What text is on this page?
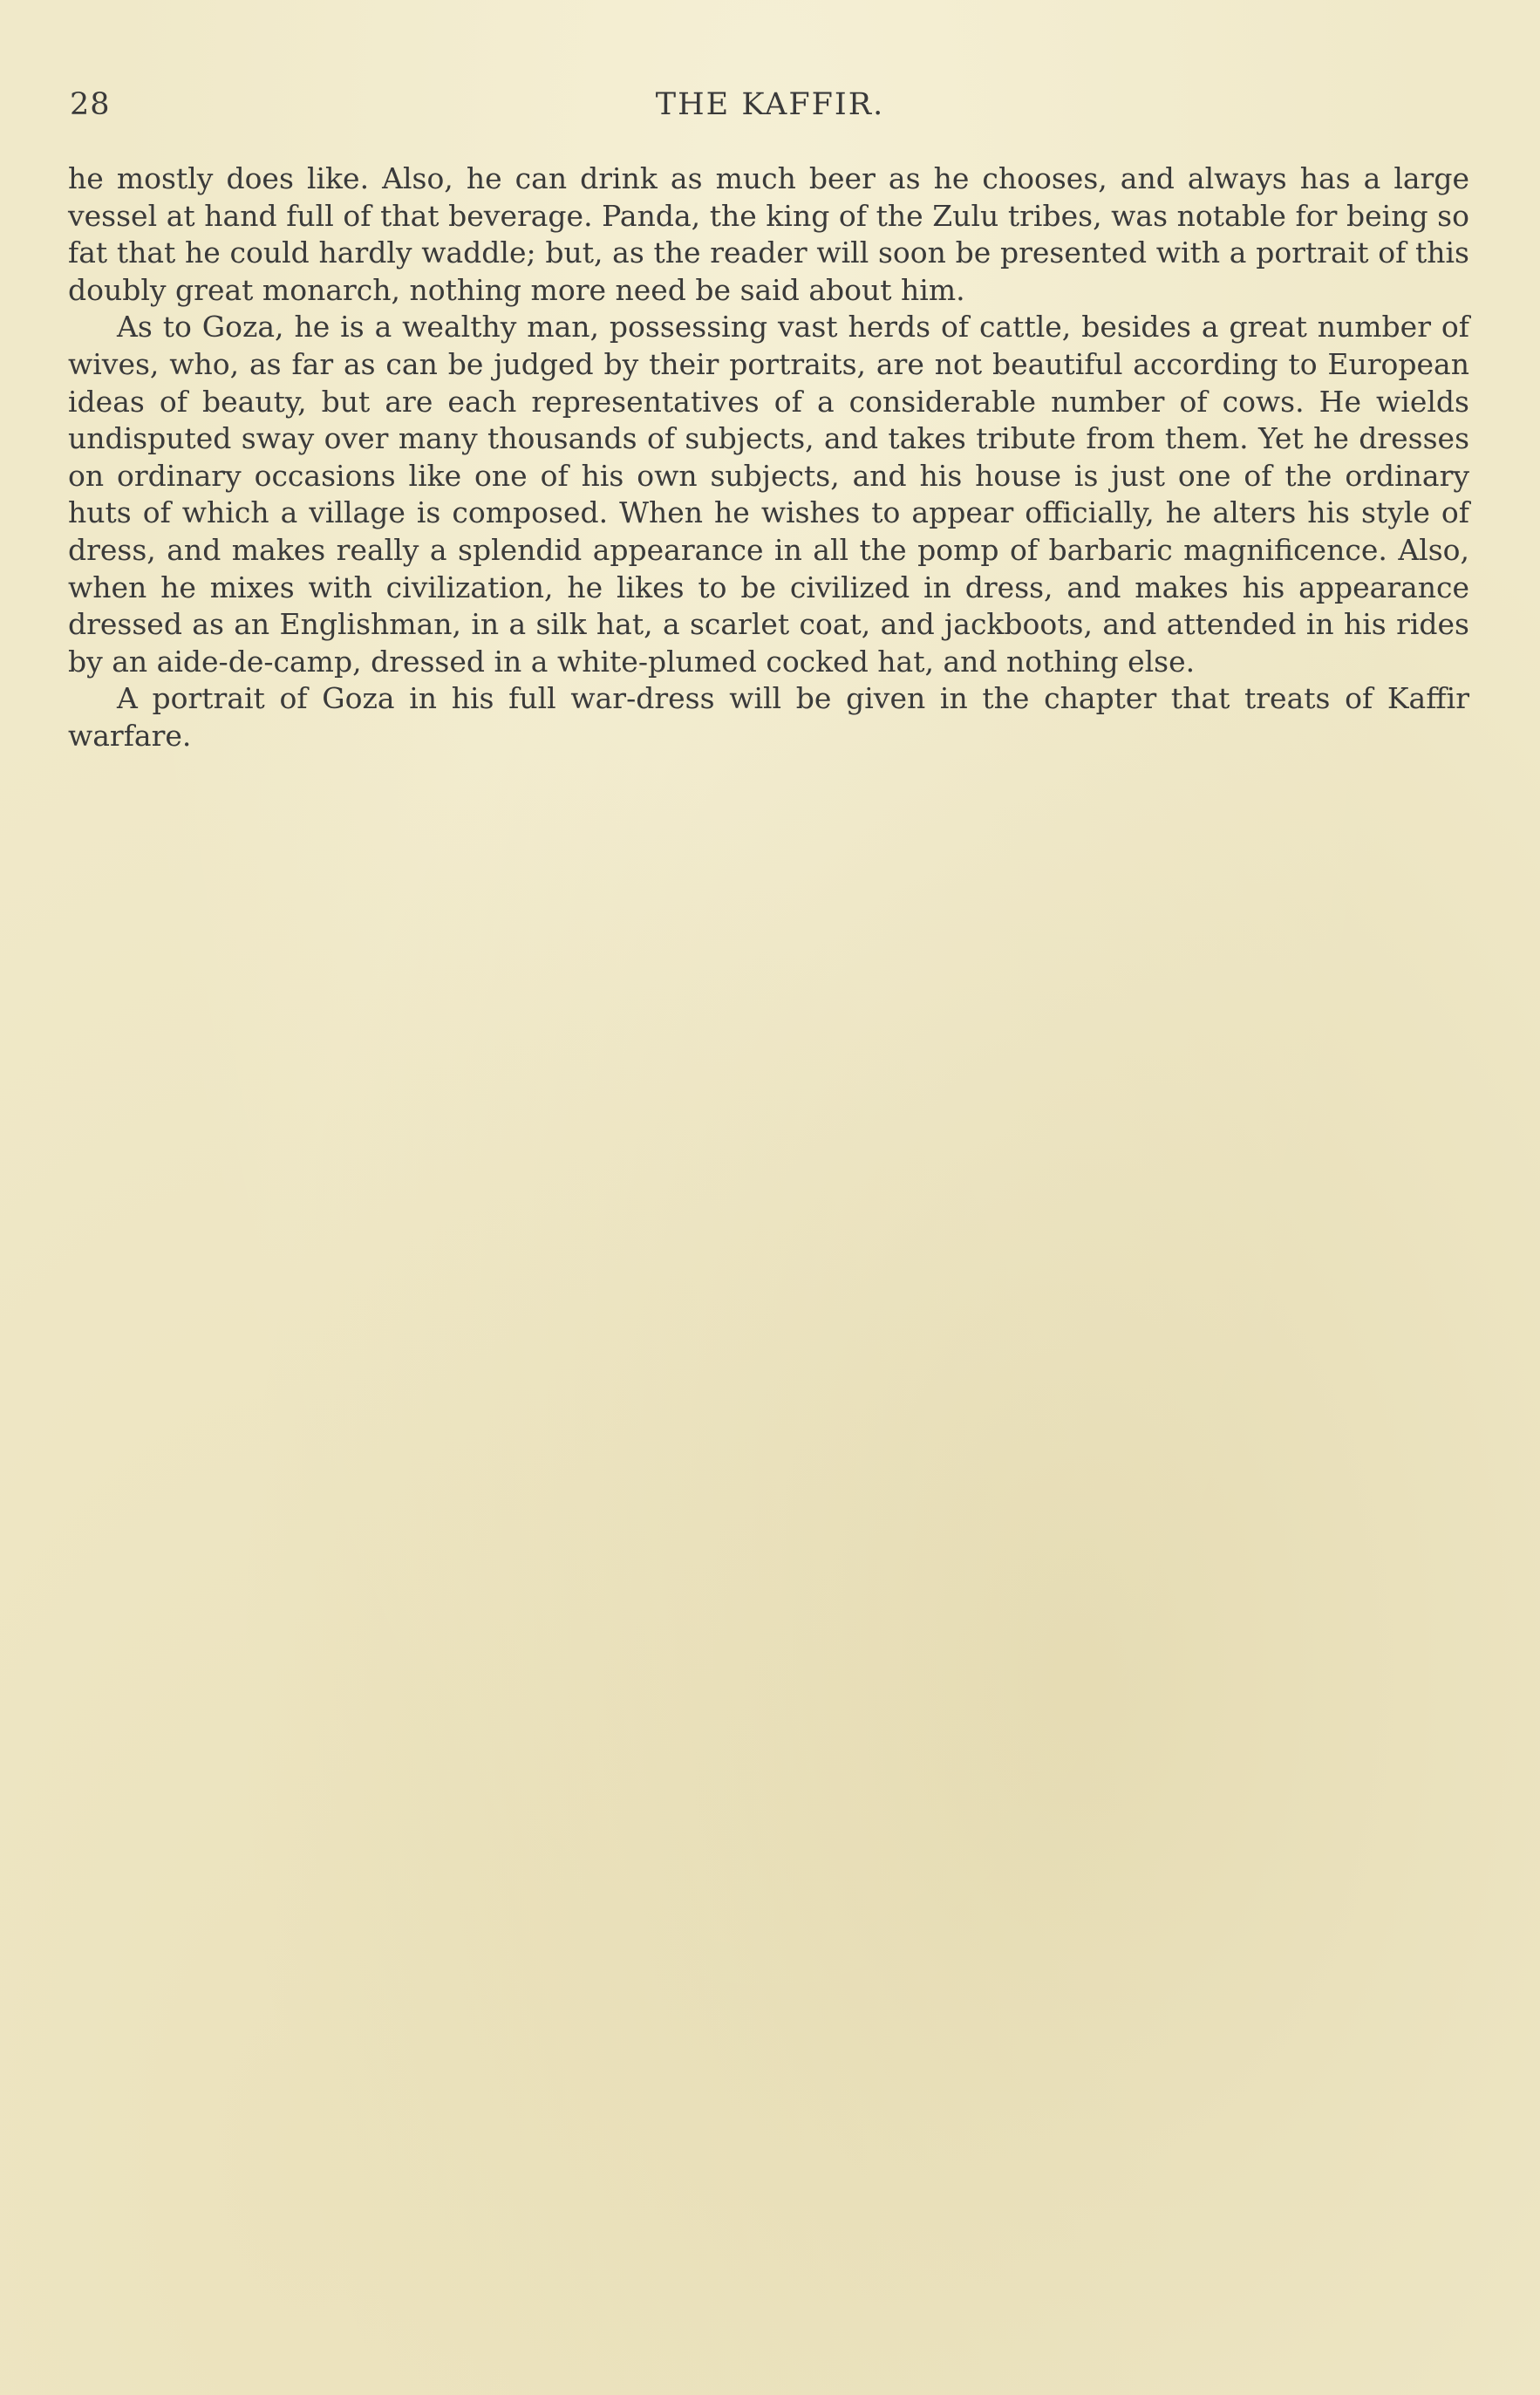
28	THE KAFFIR.

he mostly does like. Also, he can drink as much beer as he chooses, and always has a large vessel at hand full of that beverage. Panda, the king of the Zulu tribes, was notable for being so fat that he could hardly waddle; but, as the reader will soon be presented with a portrait of this doubly great monarch, nothing more need be said about him.

As to Goza, he is a wealthy man, possessing vast herds of cattle, besides a great number of wives, who, as far as can be judged by their portraits, are not beautiful according to European ideas of beauty, but are each representatives of a considerable number of cows. He wields undisputed sway over many thousands of subjects, and takes tribute from them. Yet he dresses on ordinary occasions like one of his own subjects, and his house is just one of the ordinary huts of which a village is composed. When he wishes to appear officially, he alters his style of dress, and makes really a splendid appearance in all the pomp of barbaric magnificence. Also, when he mixes with civilization, he likes to be civilized in dress, and makes his appearance dressed as an Englishman, in a silk hat, a scarlet coat, and jackboots, and attended in his rides by an aide-de-camp, dressed in a white-plumed cocked hat, and nothing else.

A portrait of Goza in his full war-dress will be given in the chapter that treats of Kaffir warfare.
